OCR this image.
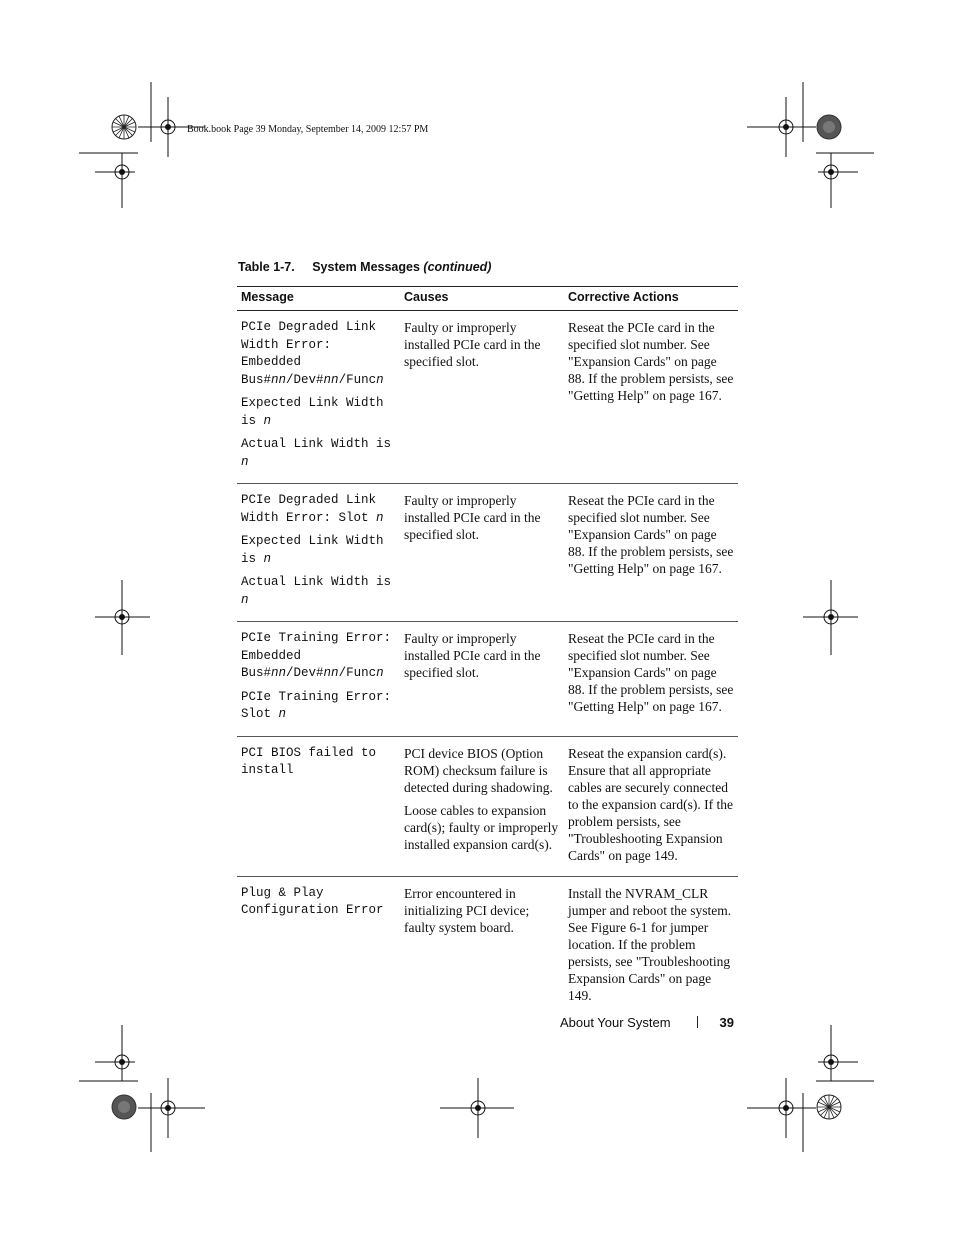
Book.book Page 39 Monday, September 14, 2009 12:57 PM
Table 1-7. System Messages (continued)
Message	Causes	Corrective Actions

PCIe Degraded Link Width Error: Embedded Bus#nn/Dev#nn/Funcn
Expected Link Width is n
Actual Link Width is n	Faulty or improperly installed PCIe card in the specified slot.	Reseat the PCIe card in the specified slot number. See "Expansion Cards" on page 88. If the problem persists, see "Getting Help" on page 167.

PCIe Degraded Link Width Error: Slot n
Expected Link Width is n
Actual Link Width is n	Faulty or improperly installed PCIe card in the specified slot.	Reseat the PCIe card in the specified slot number. See "Expansion Cards" on page 88. If the problem persists, see "Getting Help" on page 167.

PCIe Training Error: Embedded Bus#nn/Dev#nn/Funcn
PCIe Training Error: Slot n	Faulty or improperly installed PCIe card in the specified slot.	Reseat the PCIe card in the specified slot number. See "Expansion Cards" on page 88. If the problem persists, see "Getting Help" on page 167.

PCI BIOS failed to install	PCI device BIOS (Option ROM) checksum failure is detected during shadowing.
Loose cables to expansion card(s); faulty or improperly installed expansion card(s).	Reseat the expansion card(s). Ensure that all appropriate cables are securely connected to the expansion card(s). If the problem persists, see "Troubleshooting Expansion Cards" on page 149.

Plug & Play Configuration Error	Error encountered in initializing PCI device; faulty system board.	Install the NVRAM_CLR jumper and reboot the system. See Figure 6-1 for jumper location. If the problem persists, see "Troubleshooting Expansion Cards" on page 149.
About Your System	39
